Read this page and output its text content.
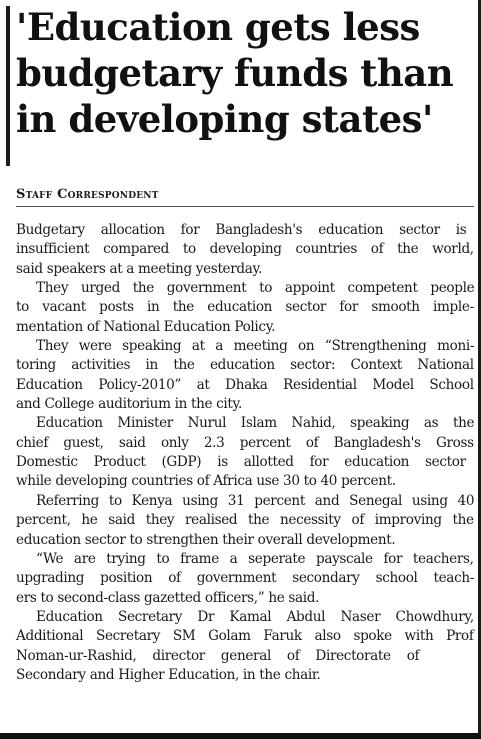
'Education gets less
budgetary funds than
in developing states'
Staff Correspondent

Budgetary allocation for Bangladesh's education sector is
insufficient compared to developing countries of the world,
said speakers at a meeting yesterday.

They urged the government to appoint competent people
to vacant posts in the education sector for smooth imple-
mentation of National Education Policy.

They were speaking at a meeting on “Strengthening moni-
toring activities in the education sector: Context National
Education Policy-2010” at Dhaka Residential Model School
and College auditorium in the city.

Education Minister Nurul Islam Nahid, speaking as the
chief guest, said only 2.3 percent of Bangladesh's Gross
Domestic Product (GDP) is allotted for education sector
while developing countries of Africa use 30 to 40 percent.

Referring to Kenya using 31 percent and Senegal using 40
percent, he said they realised the necessity of improving the
education sector to strengthen their overall development.

“We are trying to frame a seperate payscale for teachers,
upgrading position of government secondary school teach-
ers to second-class gazetted officers,” he said.

Education Secretary Dr Kamal Abdul Naser Chowdhury,
Additional Secretary SM Golam Faruk also spoke with Prof
Noman-ur-Rashid, director general of Directorate of
Secondary and Higher Education, in the chair.
